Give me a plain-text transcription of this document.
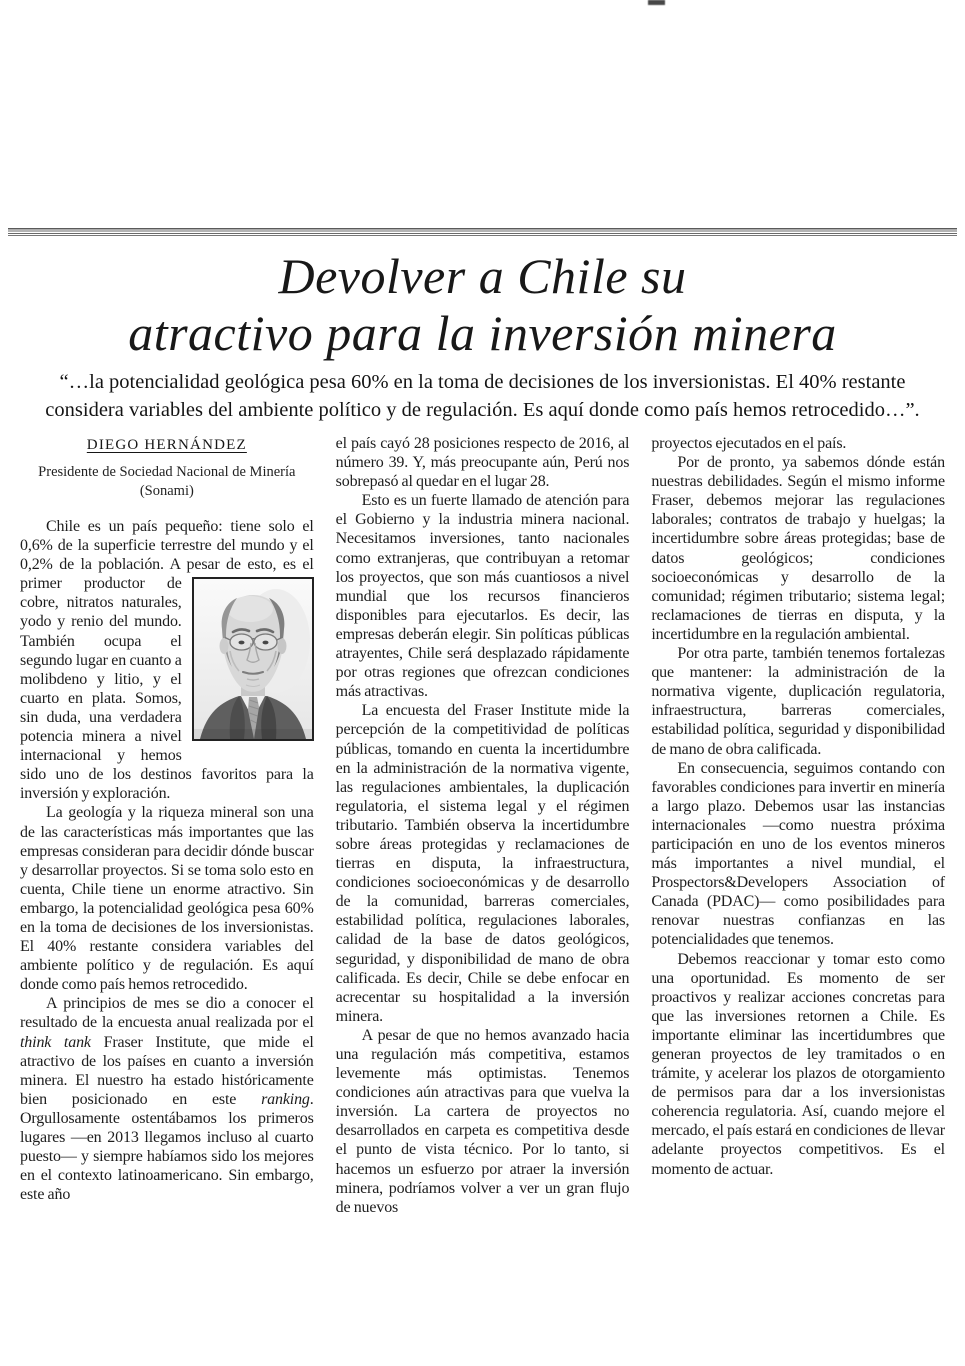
Devolver a Chile su
atractivo para la inversión minera
“…la potencialidad geológica pesa 60% en la toma de decisiones de los inversionistas. El 40% restante
considera variables del ambiente político y de regulación. Es aquí donde como país hemos retrocedido…”.
DIEGO HERNÁNDEZ
Presidente de Sociedad Nacional de Minería
(Sonami)

Chile es un país pequeño: tiene solo el 0,6% de la superficie terrestre del mundo y el 0,2% de la población. A pesar de esto, es el
primer productor de cobre, nitratos naturales, yodo y renio del mundo. También ocupa el segundo lugar en cuanto a molibdeno y litio, y el cuarto en plata. Somos, sin duda, una verdadera potencia minera a nivel internacional y hemos sido uno de los destinos favoritos para la inversión y exploración.

La geología y la riqueza mineral son una de las características más importantes que las empresas consideran para decidir dónde buscar y desarrollar proyectos. Si se toma solo esto en cuenta, Chile tiene un enorme atractivo. Sin embargo, la potencialidad geológica pesa 60% en la toma de decisiones de los inversionistas. El 40% restante considera variables del ambiente político y de regulación. Es aquí donde como país hemos retrocedido.

A principios de mes se dio a conocer el resultado de la encuesta anual realizada por el think tank Fraser Institute, que mide el atractivo de los países en cuanto a inversión minera. El nuestro ha estado históricamente bien posicionado en este ranking. Orgullosamente ostentábamos los primeros lugares —en 2013 llegamos incluso al cuarto puesto— y siempre habíamos sido los mejores en el contexto latinoamericano. Sin embargo, este año

el país cayó 28 posiciones respecto de 2016, al número 39. Y, más preocupante aún, Perú nos sobrepasó al quedar en el lugar 28.

Esto es un fuerte llamado de atención para el Gobierno y la industria minera nacional. Necesitamos inversiones, tanto nacionales como extranjeras, que contribuyan a retomar los proyectos, que son más cuantiosos a nivel mundial que los recursos financieros disponibles para ejecutarlos. Es decir, las empresas deberán elegir. Sin políticas públicas atrayentes, Chile será desplazado rápidamente por otras regiones que ofrezcan condiciones más atractivas.

La encuesta del Fraser Institute mide la percepción de la competitividad de políticas públicas, tomando en cuenta la incertidumbre en la administración de la normativa vigente, las regulaciones ambientales, la duplicación regulatoria, el sistema legal y el régimen tributario. También observa la incertidumbre sobre áreas protegidas y reclamaciones de tierras en disputa, la infraestructura, condiciones socioeconómicas y de desarrollo de la comunidad, barreras comerciales, estabilidad política, regulaciones laborales, calidad de la base de datos geológicos, seguridad, y disponibilidad de mano de obra calificada. Es decir, Chile se debe enfocar en acrecentar su hospitalidad a la inversión minera.

A pesar de que no hemos avanzado hacia una regulación más competitiva, estamos levemente más optimistas. Tenemos condiciones aún atractivas para que vuelva la inversión. La cartera de proyectos no desarrollados en carpeta es competitiva desde el punto de vista técnico. Por lo tanto, si hacemos un esfuerzo por atraer la inversión minera, podríamos volver a ver un gran flujo de nuevos

proyectos ejecutados en el país.

Por de pronto, ya sabemos dónde están nuestras debilidades. Según el mismo informe Fraser, debemos mejorar las regulaciones laborales; contratos de trabajo y huelgas; la incertidumbre sobre áreas protegidas; base de datos geológicos; condiciones socioeconómicas y desarrollo de la comunidad; régimen tributario; sistema legal; reclamaciones de tierras en disputa, y la incertidumbre en la regulación ambiental.

Por otra parte, también tenemos fortalezas que mantener: la administración de la normativa vigente, duplicación regulatoria, infraestructura, barreras comerciales, estabilidad política, seguridad y disponibilidad de mano de obra calificada.

En consecuencia, seguimos contando con favorables condiciones para invertir en minería a largo plazo. Debemos usar las instancias internacionales —como nuestra próxima participación en uno de los eventos mineros más importantes a nivel mundial, el Prospectors&Developers Association of Canada (PDAC)— como posibilidades para renovar nuestras confianzas en las potencialidades que tenemos.

Debemos reaccionar y tomar esto como una oportunidad. Es momento de ser proactivos y realizar acciones concretas para que las inversiones retornen a Chile. Es importante eliminar las incertidumbres que generan proyectos de ley tramitados o en trámite, y acelerar los plazos de otorgamiento de permisos para dar a los inversionistas coherencia regulatoria. Así, cuando mejore el mercado, el país estará en condiciones de llevar adelante proyectos competitivos. Es el momento de actuar.
